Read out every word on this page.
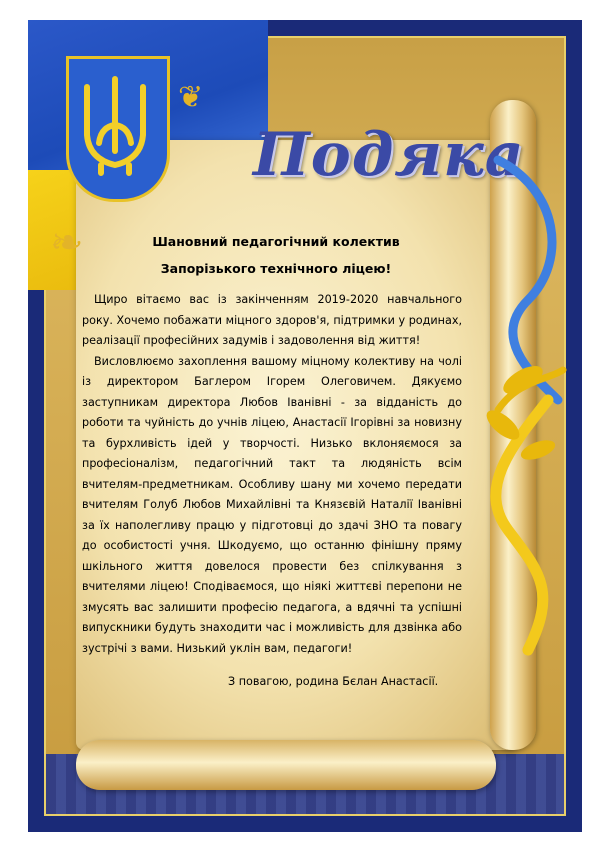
❦
❧
Подяка
Шановний педагогічний колектив
Запорізького технічного ліцею!

Щиро вітаємо вас із закінченням 2019-2020 навчального року. Хочемо побажати міцного здоров'я, підтримки у родинах, реалізації професійних задумів і задоволення від життя!

Висловлюємо захоплення вашому міцному колективу на чолі із директором Баглером Ігорем Олеговичем. Дякуємо заступникам директора Любов Іванівні - за відданість до роботи та чуйність до учнів ліцею, Анастасії Ігорівні за новизну та бурхливість ідей у творчості. Низько вклоняємося за професіоналізм, педагогічний такт та людяність всім вчителям-предметникам. Особливу шану ми хочемо передати вчителям Голуб Любов Михайлівні та Князєвій Наталії Іванівні за їх наполегливу працю у підготовці до здачі ЗНО та повагу до особистості учня. Шкодуємо, що останню фінішну пряму шкільного життя довелося провести без спілкування з вчителями ліцею! Сподіваємося, що ніякі життєві перепони не змусять вас залишити професію педагога, а вдячні та успішні випускники будуть знаходити час і можливість для дзвінка або зустрічі з вами. Низький уклін вам, педагоги!

З повагою, родина Бєлан Анастасії.
